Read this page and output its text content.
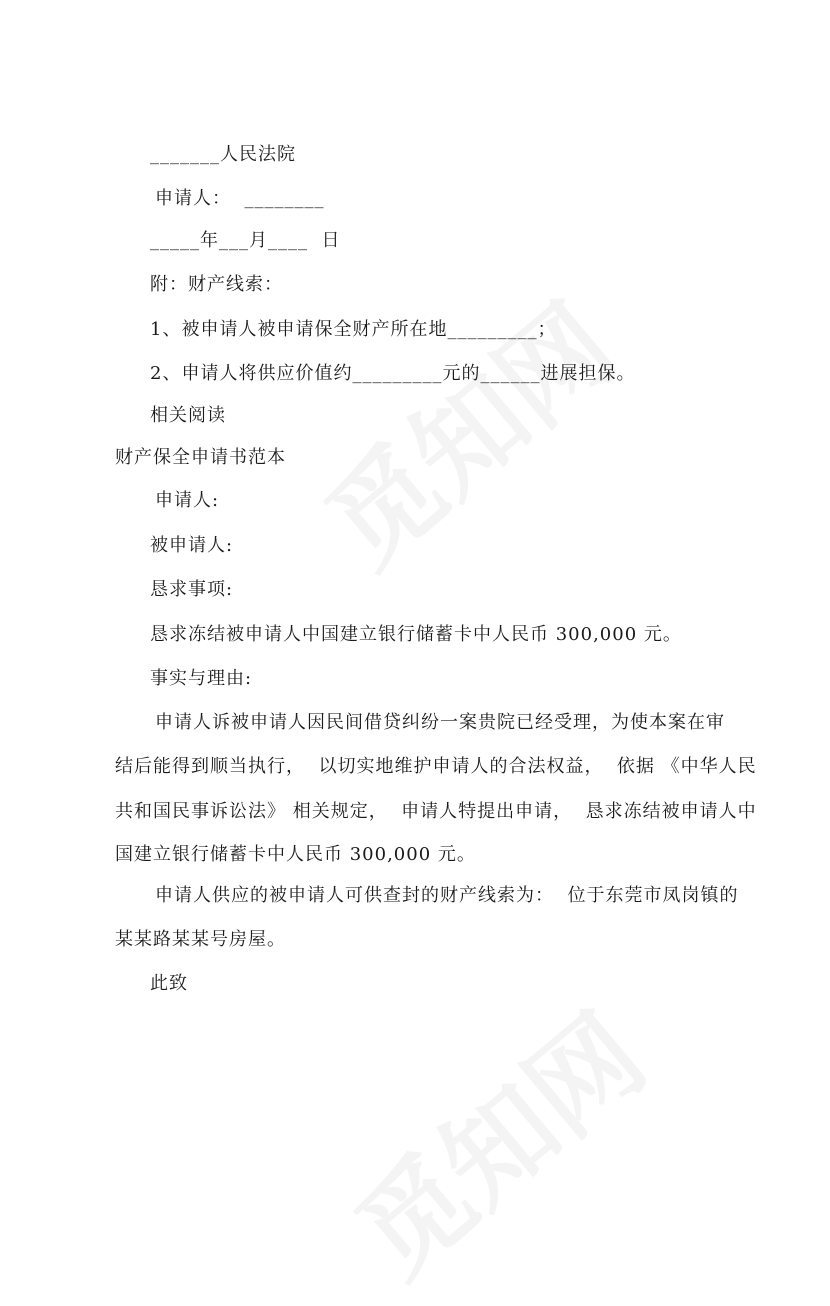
_______人民法院
申请人：  ________
_____年___月____  日
附：财产线索：
1、被申请人被申请保全财产所在地_________；
2、申请人将供应价值约_________元的______进展担保。
相关阅读
财产保全申请书范本
申请人:
被申请人:
恳求事项:
恳求冻结被申请人中国建立银行储蓄卡中人民币 300,000 元。
事实与理由:
申请人诉被申请人因民间借贷纠纷一案贵院已经受理，为使本案在审
结后能得到顺当执行，  以切实地维护申请人的合法权益，  依据 《中华人民
共和国民事诉讼法》 相关规定，  申请人特提出申请，  恳求冻结被申请人中
国建立银行储蓄卡中人民币 300,000 元。
申请人供应的被申请人可供查封的财产线索为：  位于东莞市凤岗镇的
某某路某某号房屋。
此致
